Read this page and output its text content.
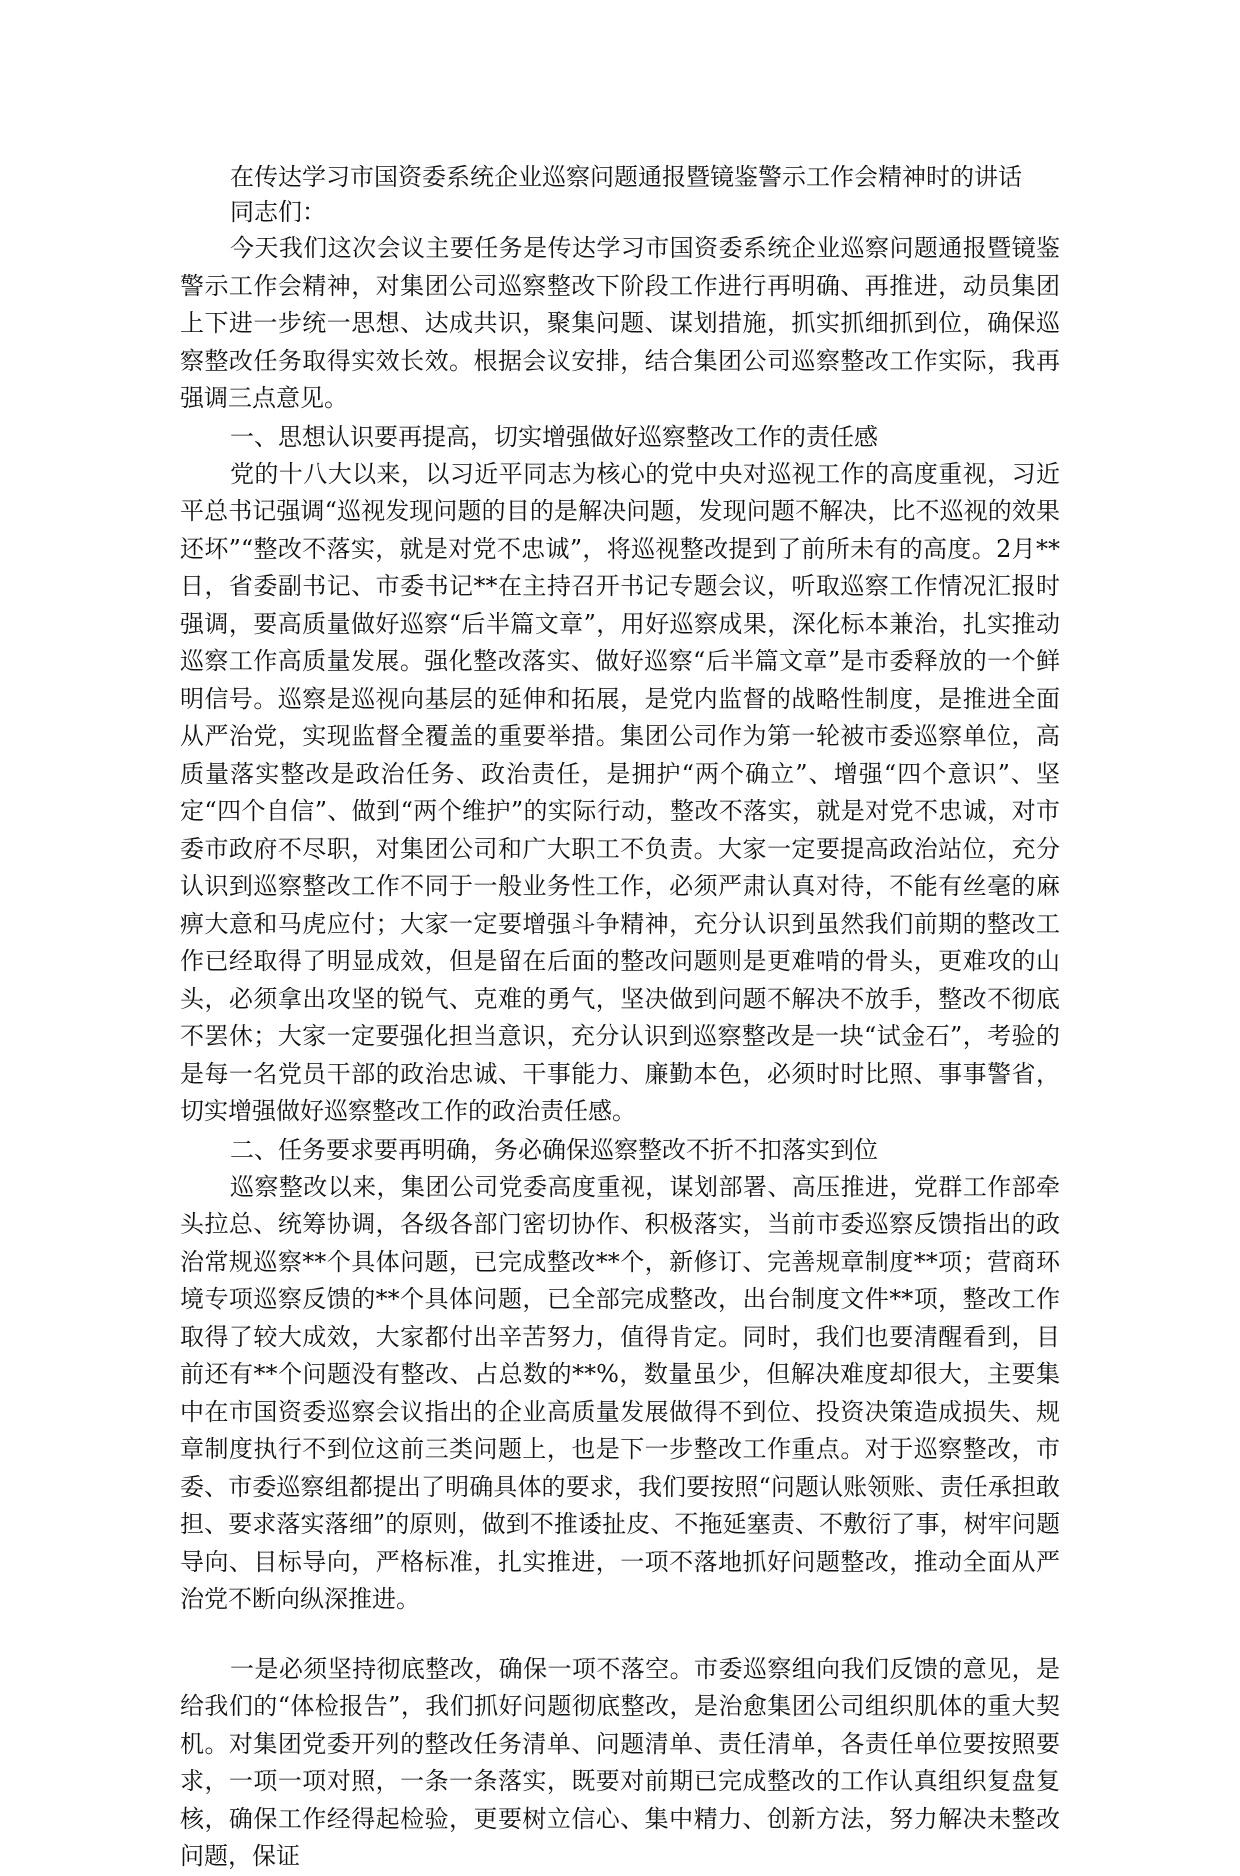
在传达学习市国资委系统企业巡察问题通报暨镜鉴警示工作会精神时的讲话

同志们：

今天我们这次会议主要任务是传达学习市国资委系统企业巡察问题通报暨镜鉴警示工作会精神，对集团公司巡察整改下阶段工作进行再明确、再推进，动员集团上下进一步统一思想、达成共识，聚集问题、谋划措施，抓实抓细抓到位，确保巡察整改任务取得实效长效。根据会议安排，结合集团公司巡察整改工作实际，我再强调三点意见。

一、思想认识要再提高，切实增强做好巡察整改工作的责任感

党的十八大以来，以习近平同志为核心的党中央对巡视工作的高度重视，习近平总书记强调“巡视发现问题的目的是解决问题，发现问题不解决，比不巡视的效果还坏”“整改不落实，就是对党不忠诚”，将巡视整改提到了前所未有的高度。2月**日，省委副书记、市委书记**在主持召开书记专题会议，听取巡察工作情况汇报时强调，要高质量做好巡察“后半篇文章”，用好巡察成果，深化标本兼治，扎实推动巡察工作高质量发展。强化整改落实、做好巡察“后半篇文章”是市委释放的一个鲜明信号。巡察是巡视向基层的延伸和拓展，是党内监督的战略性制度，是推进全面从严治党，实现监督全覆盖的重要举措。集团公司作为第一轮被市委巡察单位，高质量落实整改是政治任务、政治责任，是拥护“两个确立”、增强“四个意识”、坚定“四个自信”、做到“两个维护”的实际行动，整改不落实，就是对党不忠诚，对市委市政府不尽职，对集团公司和广大职工不负责。大家一定要提高政治站位，充分认识到巡察整改工作不同于一般业务性工作，必须严肃认真对待，不能有丝毫的麻痹大意和马虎应付；大家一定要增强斗争精神，充分认识到虽然我们前期的整改工作已经取得了明显成效，但是留在后面的整改问题则是更难啃的骨头，更难攻的山头，必须拿出攻坚的锐气、克难的勇气，坚决做到问题不解决不放手，整改不彻底不罢休；大家一定要强化担当意识，充分认识到巡察整改是一块“试金石”，考验的是每一名党员干部的政治忠诚、干事能力、廉勤本色，必须时时比照、事事警省，切实增强做好巡察整改工作的政治责任感。

二、任务要求要再明确，务必确保巡察整改不折不扣落实到位

巡察整改以来，集团公司党委高度重视，谋划部署、高压推进，党群工作部牵头拉总、统筹协调，各级各部门密切协作、积极落实，当前市委巡察反馈指出的政治常规巡察**个具体问题，已完成整改**个，新修订、完善规章制度**项；营商环境专项巡察反馈的**个具体问题，已全部完成整改，出台制度文件**项，整改工作取得了较大成效，大家都付出辛苦努力，值得肯定。同时，我们也要清醒看到，目前还有**个问题没有整改、占总数的**%，数量虽少，但解决难度却很大，主要集中在市国资委巡察会议指出的企业高质量发展做得不到位、投资决策造成损失、规章制度执行不到位这前三类问题上，也是下一步整改工作重点。对于巡察整改，市委、市委巡察组都提出了明确具体的要求，我们要按照“问题认账领账、责任承担敢担、要求落实落细”的原则，做到不推诿扯皮、不拖延塞责、不敷衍了事，树牢问题导向、目标导向，严格标准，扎实推进，一项不落地抓好问题整改，推动全面从严治党不断向纵深推进。

一是必须坚持彻底整改，确保一项不落空。市委巡察组向我们反馈的意见，是给我们的“体检报告”，我们抓好问题彻底整改，是治愈集团公司组织肌体的重大契机。对集团党委开列的整改任务清单、问题清单、责任清单，各责任单位要按照要求，一项一项对照，一条一条落实，既要对前期已完成整改的工作认真组织复盘复核，确保工作经得起检验，更要树立信心、集中精力、创新方法，努力解决未整改问题，保证
